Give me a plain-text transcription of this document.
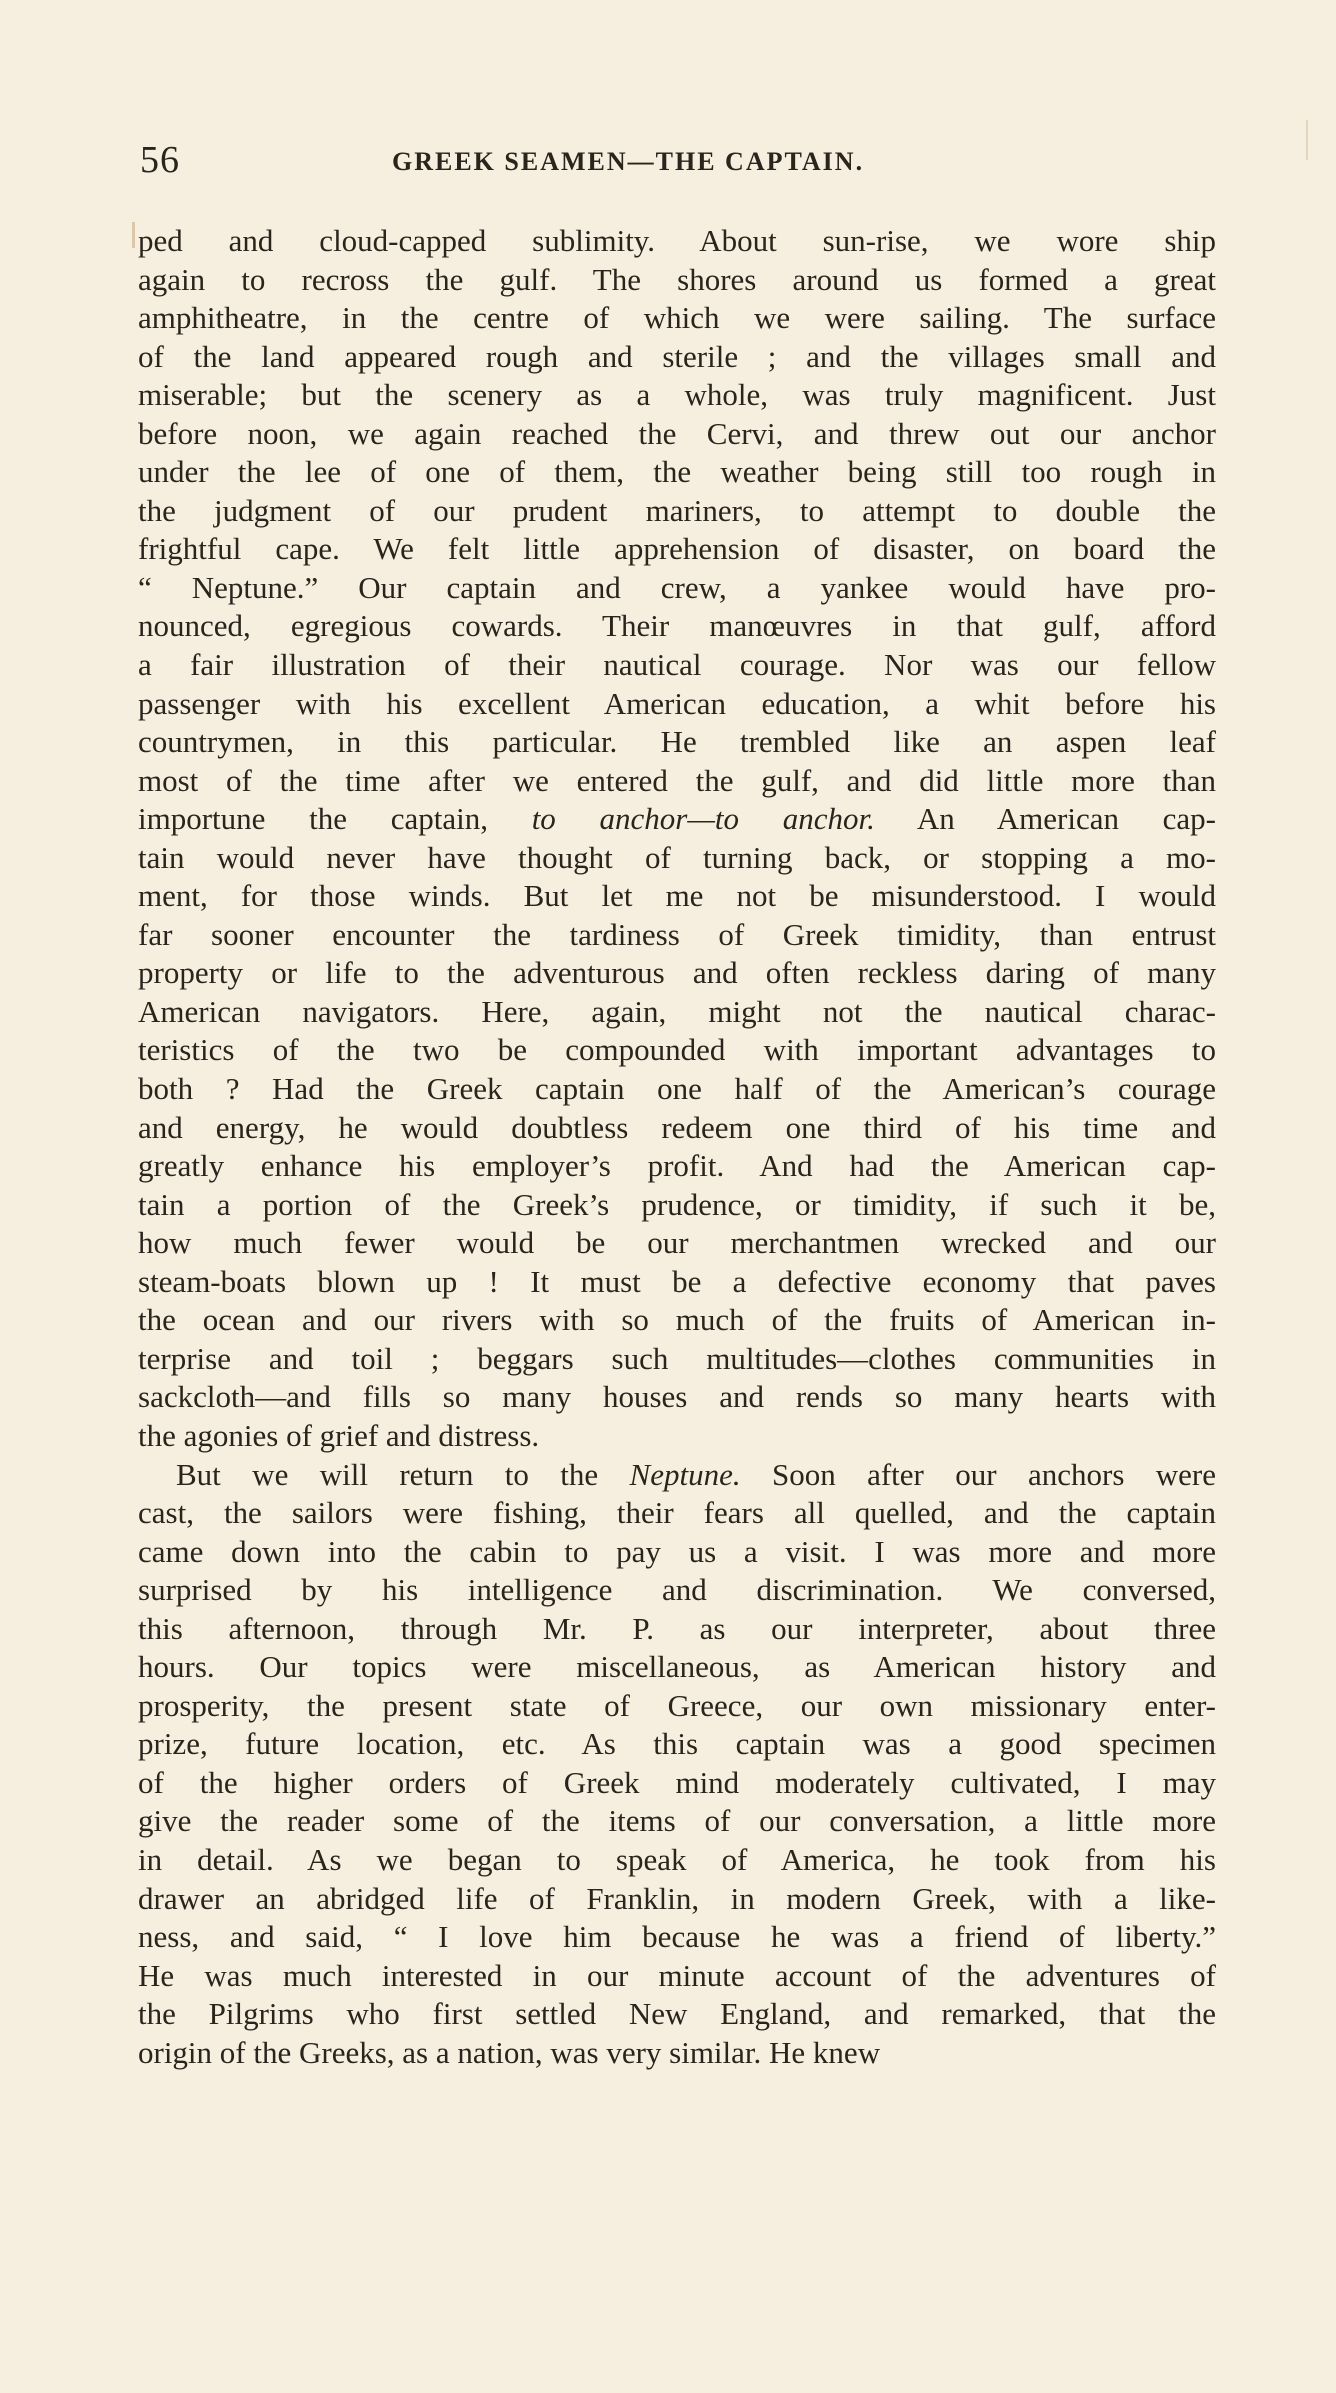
56	GREEK SEAMEN—THE CAPTAIN.
ped and cloud-capped sublimity. About sun-rise, we wore ship
again to recross the gulf. The shores around us formed a great
amphitheatre, in the centre of which we were sailing. The surface
of the land appeared rough and sterile ; and the villages small and
miserable; but the scenery as a whole, was truly magnificent. Just
before noon, we again reached the Cervi, and threw out our anchor
under the lee of one of them, the weather being still too rough in
the judgment of our prudent mariners, to attempt to double the
frightful cape. We felt little apprehension of disaster, on board the
“ Neptune.” Our captain and crew, a yankee would have pro-
nounced, egregious cowards. Their manœuvres in that gulf, afford
a fair illustration of their nautical courage. Nor was our fellow
passenger with his excellent American education, a whit before his
countrymen, in this particular. He trembled like an aspen leaf
most of the time after we entered the gulf, and did little more than
importune the captain, to anchor—to anchor. An American cap-
tain would never have thought of turning back, or stopping a mo-
ment, for those winds. But let me not be misunderstood. I would
far sooner encounter the tardiness of Greek timidity, than entrust
property or life to the adventurous and often reckless daring of many
American navigators. Here, again, might not the nautical charac-
teristics of the two be compounded with important advantages to
both ? Had the Greek captain one half of the American’s courage
and energy, he would doubtless redeem one third of his time and
greatly enhance his employer’s profit. And had the American cap-
tain a portion of the Greek’s prudence, or timidity, if such it be,
how much fewer would be our merchantmen wrecked and our
steam-boats blown up ! It must be a defective economy that paves
the ocean and our rivers with so much of the fruits of American in-
terprise and toil ; beggars such multitudes—clothes communities in
sackcloth—and fills so many houses and rends so many hearts with
the agonies of grief and distress.
But we will return to the Neptune. Soon after our anchors were
cast, the sailors were fishing, their fears all quelled, and the captain
came down into the cabin to pay us a visit. I was more and more
surprised by his intelligence and discrimination. We conversed,
this afternoon, through Mr. P. as our interpreter, about three
hours. Our topics were miscellaneous, as American history and
prosperity, the present state of Greece, our own missionary enter-
prize, future location, etc. As this captain was a good specimen
of the higher orders of Greek mind moderately cultivated, I may
give the reader some of the items of our conversation, a little more
in detail. As we began to speak of America, he took from his
drawer an abridged life of Franklin, in modern Greek, with a like-
ness, and said, “ I love him because he was a friend of liberty.”
He was much interested in our minute account of the adventures of
the Pilgrims who first settled New England, and remarked, that the
origin of the Greeks, as a nation, was very similar. He knew
